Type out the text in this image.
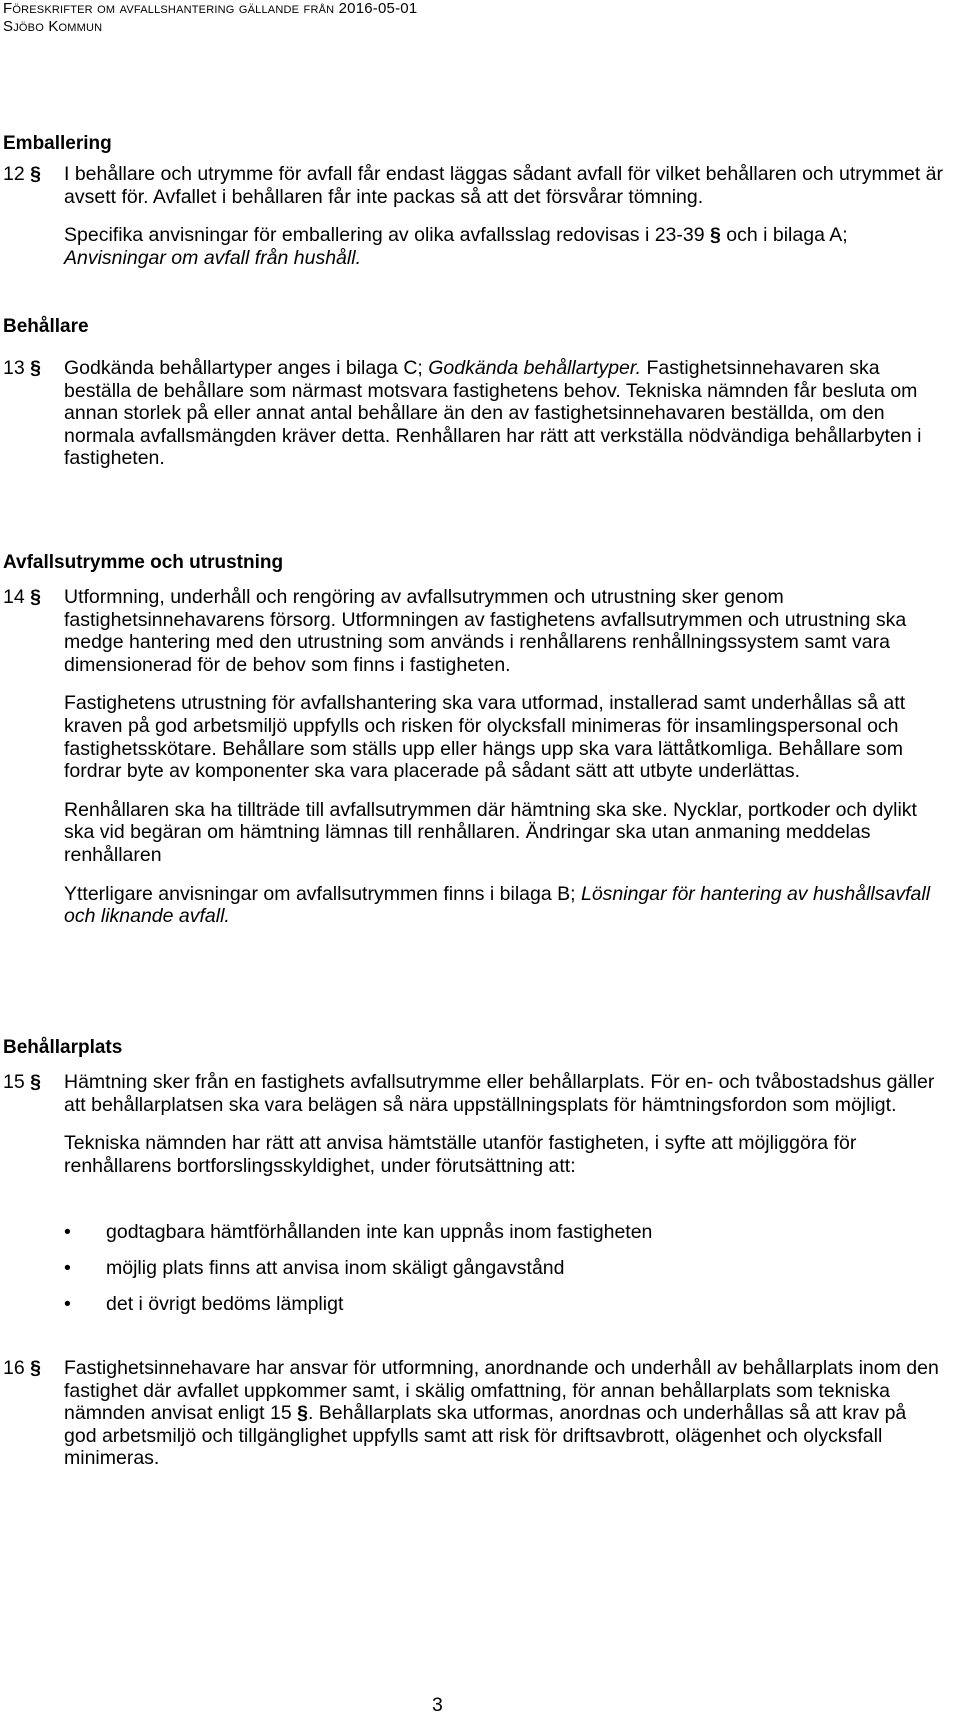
Föreskrifter om avfallshantering gällande från 2016-05-01
Sjöbo Kommun
Emballering
12 §	I behållare och utrymme för avfall får endast läggas sådant avfall för vilket behållaren och utrymmet är avsett för. Avfallet i behållaren får inte packas så att det försvårar tömning.

Specifika anvisningar för emballering av olika avfallsslag redovisas i 23-39 § och i bilaga A; Anvisningar om avfall från hushåll.

Behållare
13 §	Godkända behållartyper anges i bilaga C; Godkända behållartyper. Fastighetsinnehavaren ska beställa de behållare som närmast motsvara fastighetens behov. Tekniska nämnden får besluta om annan storlek på eller annat antal behållare än den av fastighetsinnehavaren beställda, om den normala avfallsmängden kräver detta. Renhållaren har rätt att verkställa nödvändiga behållarbyten i fastigheten.

Avfallsutrymme och utrustning
14 §	Utformning, underhåll och rengöring av avfallsutrymmen och utrustning sker genom fastighetsinnehavarens försorg. Utformningen av fastighetens avfallsutrymmen och utrustning ska medge hantering med den utrustning som används i renhållarens renhållningssystem samt vara dimensionerad för de behov som finns i fastigheten.

Fastighetens utrustning för avfallshantering ska vara utformad, installerad samt underhållas så att kraven på god arbetsmiljö uppfylls och risken för olycksfall minimeras för insamlingspersonal och fastighetsskötare. Behållare som ställs upp eller hängs upp ska vara lättåtkomliga. Behållare som fordrar byte av komponenter ska vara placerade på sådant sätt att utbyte underlättas.

Renhållaren ska ha tillträde till avfallsutrymmen där hämtning ska ske. Nycklar, portkoder och dylikt ska vid begäran om hämtning lämnas till renhållaren. Ändringar ska utan anmaning meddelas renhållaren

Ytterligare anvisningar om avfallsutrymmen finns i bilaga B; Lösningar för hantering av hushållsavfall och liknande avfall.

Behållarplats
15 §	Hämtning sker från en fastighets avfallsutrymme eller behållarplats. För en- och tvåbostadshus gäller att behållarplatsen ska vara belägen så nära uppställningsplats för hämtningsfordon som möjligt.

Tekniska nämnden har rätt att anvisa hämtställe utanför fastigheten, i syfte att möjliggöra för renhållarens bortforslingsskyldighet, under förutsättning att:

• godtagbara hämtförhållanden inte kan uppnås inom fastigheten
• möjlig plats finns att anvisa inom skäligt gångavstånd
• det i övrigt bedöms lämpligt
16 §	Fastighetsinnehavare har ansvar för utformning, anordnande och underhåll av behållarplats inom den fastighet där avfallet uppkommer samt, i skälig omfattning, för annan behållarplats som tekniska nämnden anvisat enligt 15 §. Behållarplats ska utformas, anordnas och underhållas så att krav på god arbetsmiljö och tillgänglighet uppfylls samt att risk för driftsavbrott, olägenhet och olycksfall minimeras.

3
